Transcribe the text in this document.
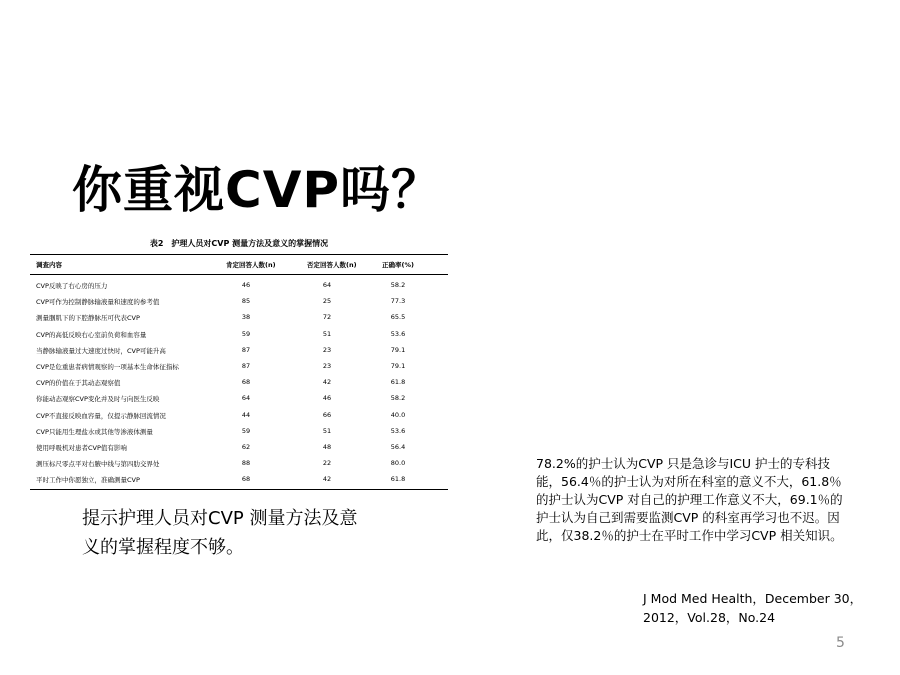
你重视CVP吗？
表2　护理人员对CVP 测量方法及意义的掌握情况
调查内容	肯定回答人数(n)	否定回答人数(n)	正确率(%)
CVP反映了右心房的压力	46	64	58.2
CVP可作为控制静脉输液量和速度的参考值	85	25	77.3
测量腘肌下的下腔静脉压可代表CVP	38	72	65.5
CVP的高低反映右心室前负荷和血容量	59	51	53.6
当静脉输液量过大速度过快时，CVP可能升高	87	23	79.1
CVP是危重患者病情观察的一项基本生命体征指标	87	23	79.1
CVP的价值在于其动态观察值	68	42	61.8
你能动态观察CVP变化并及时与向医生反映	64	46	58.2
CVP不直接反映血容量，仅提示静脉回流情况	44	66	40.0
CVP只能用生理盐水或其他等渗液体测量	59	51	53.6
使用呼吸机对患者CVP值有影响	62	48	56.4
测压标尺零点平对右腋中线与第四肋交界处	88	22	80.0
平时工作中你愿独立，准确测量CVP	68	42	61.8
提示护理人员对CVP 测量方法及意义的掌握程度不够。
78.2%的护士认为CVP 只是急诊与ICU 护士的专科技能，56.4％的护士认为对所在科室的意义不大，61.8％的护士认为CVP 对自己的护理工作意义不大，69.1％的护士认为自己到需要监测CVP 的科室再学习也不迟。因此，仅38.2％的护士在平时工作中学习CVP 相关知识。
J Mod Med Health，December 30，2012，Vol.28，No.24
5
